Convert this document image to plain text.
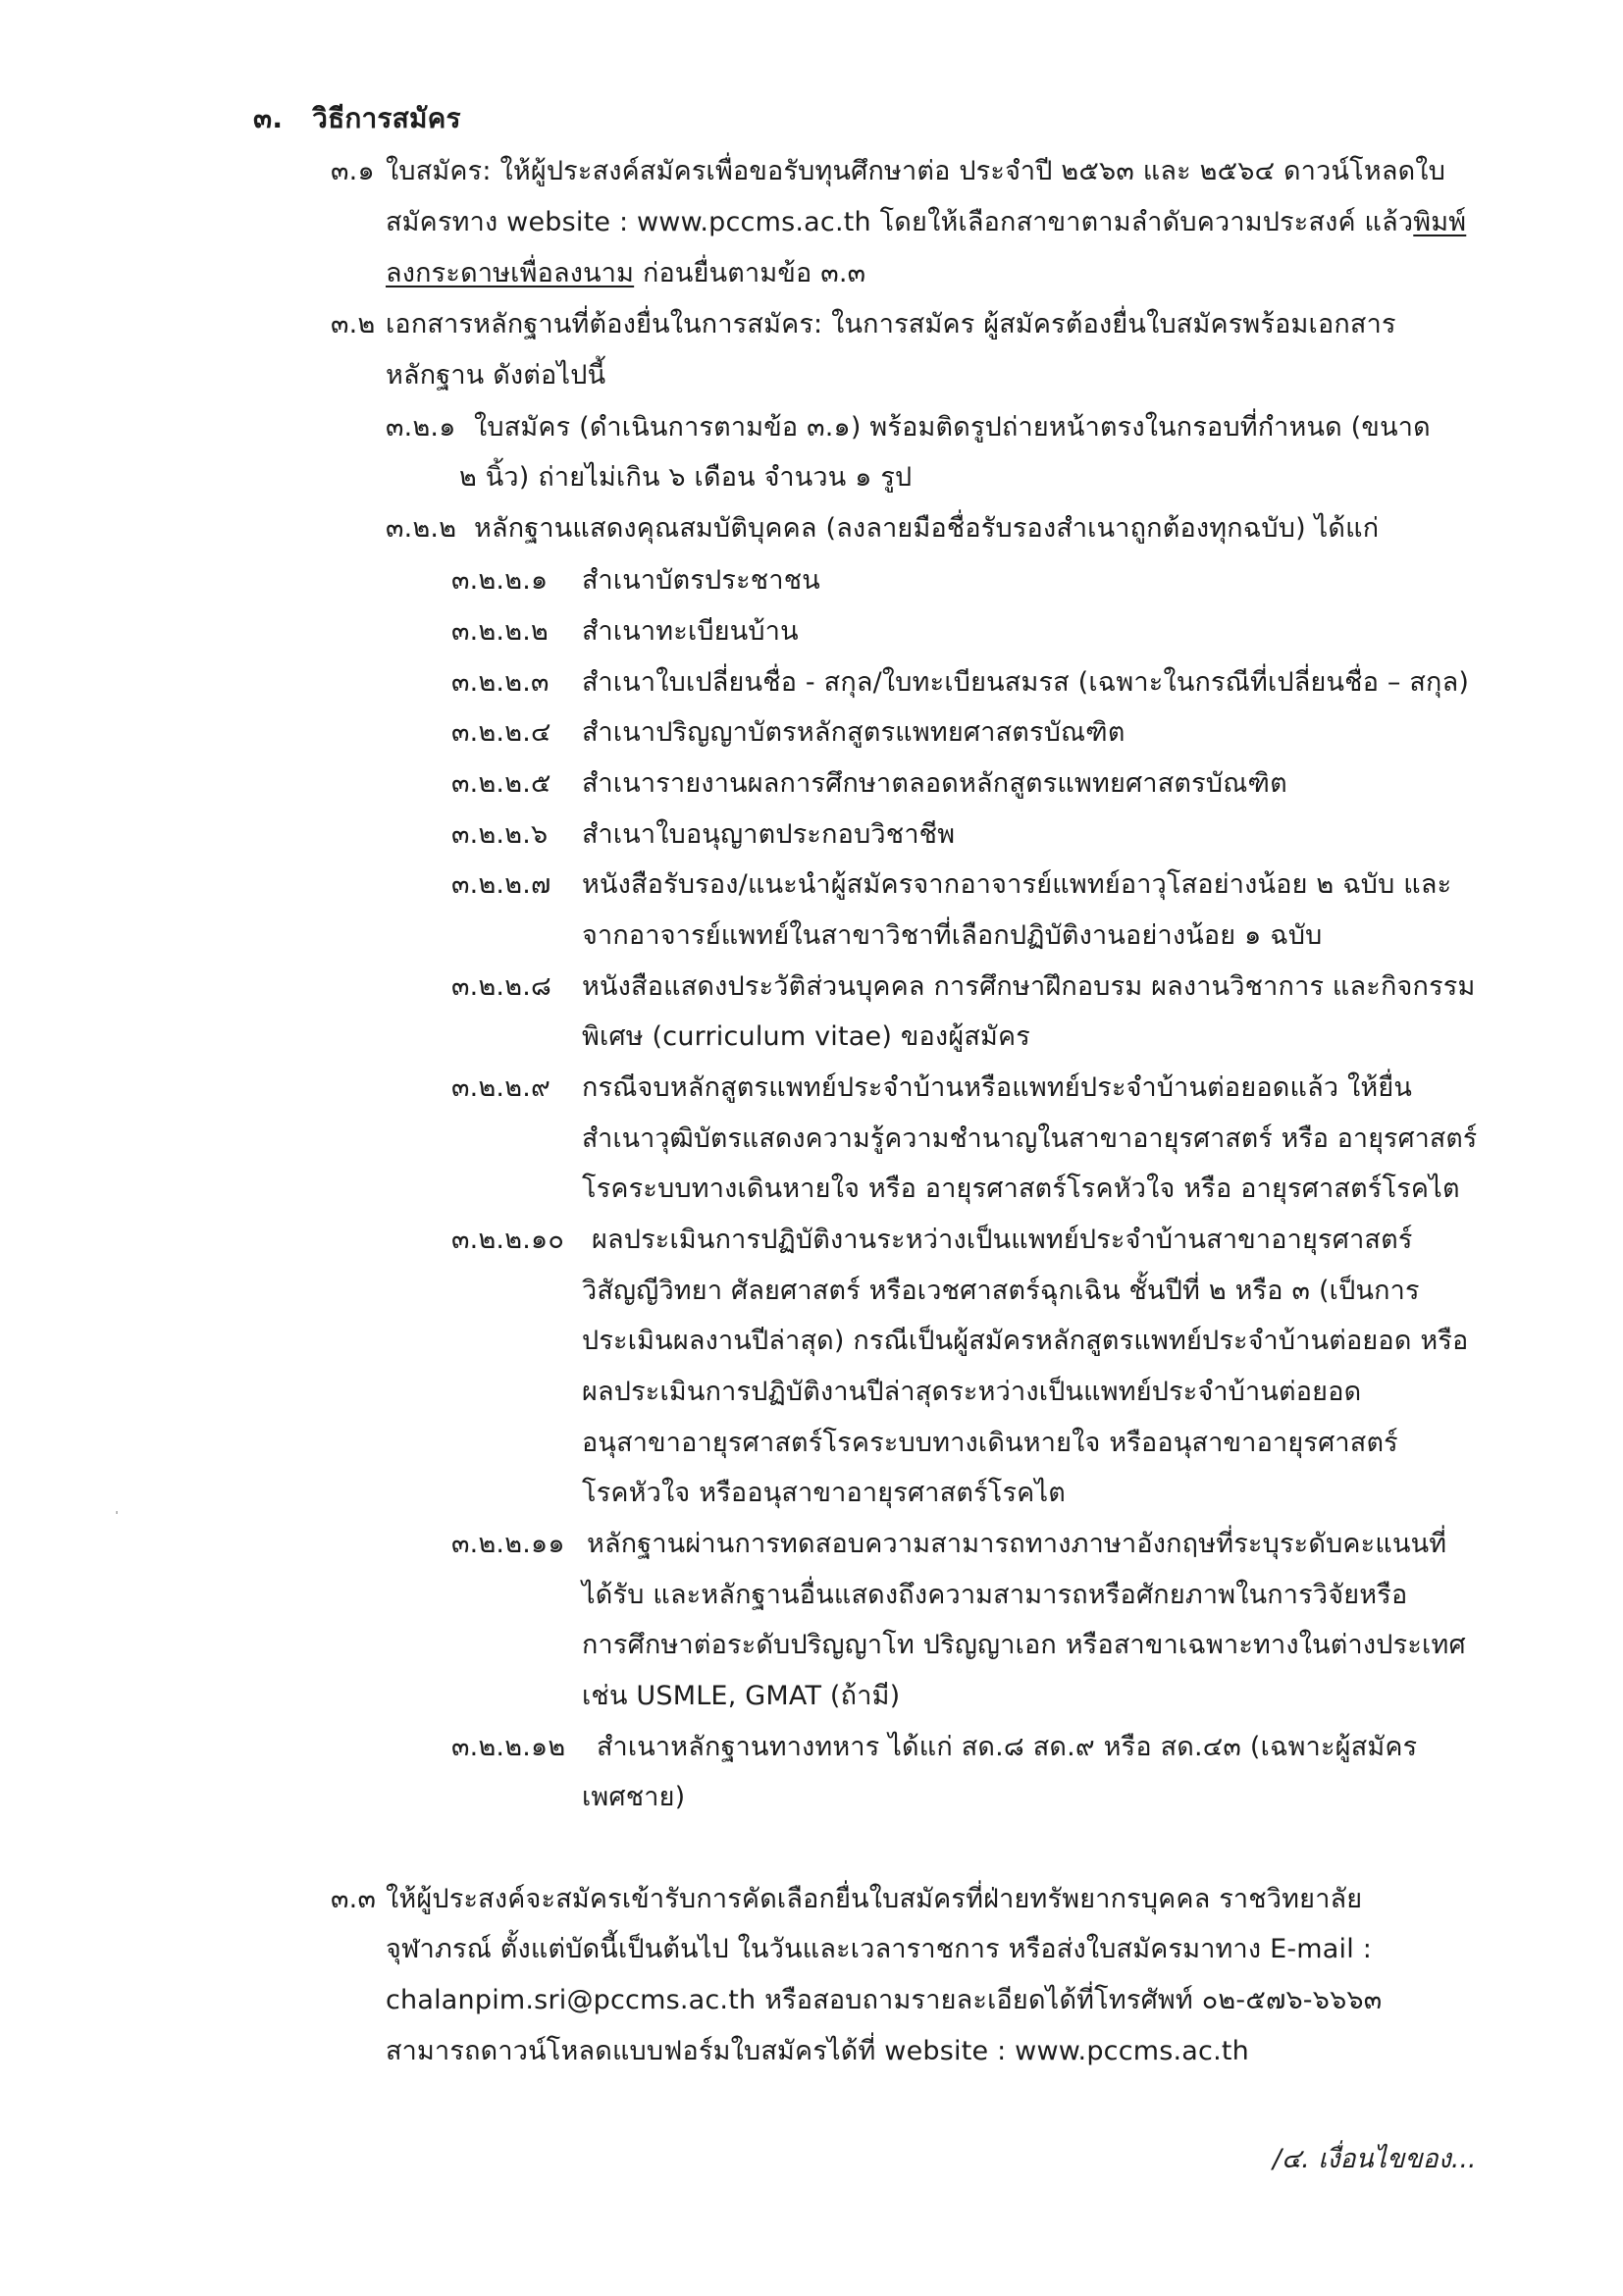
๓. วิธีการสมัคร
๓.๑ ใบสมัคร: ให้ผู้ประสงค์สมัครเพื่อขอรับทุนศึกษาต่อ ประจำปี ๒๕๖๓ และ ๒๕๖๔ ดาวน์โหลดใบ
สมัครทาง website : www.pccms.ac.th โดยให้เลือกสาขาตามลำดับความประสงค์ แล้วพิมพ์
ลงกระดาษเพื่อลงนาม ก่อนยื่นตามข้อ ๓.๓
๓.๒ เอกสารหลักฐานที่ต้องยื่นในการสมัคร: ในการสมัคร ผู้สมัครต้องยื่นใบสมัครพร้อมเอกสาร
หลักฐาน ดังต่อไปนี้
๓.๒.๑ ใบสมัคร (ดำเนินการตามข้อ ๓.๑) พร้อมติดรูปถ่ายหน้าตรงในกรอบที่กำหนด (ขนาด
๒ นิ้ว) ถ่ายไม่เกิน ๖ เดือน จำนวน ๑ รูป
๓.๒.๒ หลักฐานแสดงคุณสมบัติบุคคล (ลงลายมือชื่อรับรองสำเนาถูกต้องทุกฉบับ) ได้แก่
๓.๒.๒.๑ สำเนาบัตรประชาชน
๓.๒.๒.๒ สำเนาทะเบียนบ้าน
๓.๒.๒.๓ สำเนาใบเปลี่ยนชื่อ - สกุล/ใบทะเบียนสมรส (เฉพาะในกรณีที่เปลี่ยนชื่อ – สกุล)
๓.๒.๒.๔ สำเนาปริญญาบัตรหลักสูตรแพทยศาสตรบัณฑิต
๓.๒.๒.๕ สำเนารายงานผลการศึกษาตลอดหลักสูตรแพทยศาสตรบัณฑิต
๓.๒.๒.๖ สำเนาใบอนุญาตประกอบวิชาชีพ
๓.๒.๒.๗ หนังสือรับรอง/แนะนำผู้สมัครจากอาจารย์แพทย์อาวุโสอย่างน้อย ๒ ฉบับ และ
จากอาจารย์แพทย์ในสาขาวิชาที่เลือกปฏิบัติงานอย่างน้อย ๑ ฉบับ
๓.๒.๒.๘ หนังสือแสดงประวัติส่วนบุคคล การศึกษาฝึกอบรม ผลงานวิชาการ และกิจกรรม
พิเศษ (curriculum vitae) ของผู้สมัคร
๓.๒.๒.๙ กรณีจบหลักสูตรแพทย์ประจำบ้านหรือแพทย์ประจำบ้านต่อยอดแล้ว ให้ยื่น
สำเนาวุฒิบัตรแสดงความรู้ความชำนาญในสาขาอายุรศาสตร์ หรือ อายุรศาสตร์
โรคระบบทางเดินหายใจ หรือ อายุรศาสตร์โรคหัวใจ หรือ อายุรศาสตร์โรคไต
๓.๒.๒.๑๐ ผลประเมินการปฏิบัติงานระหว่างเป็นแพทย์ประจำบ้านสาขาอายุรศาสตร์
วิสัญญีวิทยา ศัลยศาสตร์ หรือเวชศาสตร์ฉุกเฉิน ชั้นปีที่ ๒ หรือ ๓ (เป็นการ
ประเมินผลงานปีล่าสุด) กรณีเป็นผู้สมัครหลักสูตรแพทย์ประจำบ้านต่อยอด หรือ
ผลประเมินการปฏิบัติงานปีล่าสุดระหว่างเป็นแพทย์ประจำบ้านต่อยอด
อนุสาขาอายุรศาสตร์โรคระบบทางเดินหายใจ หรืออนุสาขาอายุรศาสตร์
โรคหัวใจ หรืออนุสาขาอายุรศาสตร์โรคไต
๓.๒.๒.๑๑ หลักฐานผ่านการทดสอบความสามารถทางภาษาอังกฤษที่ระบุระดับคะแนนที่
ได้รับ และหลักฐานอื่นแสดงถึงความสามารถหรือศักยภาพในการวิจัยหรือ
การศึกษาต่อระดับปริญญาโท ปริญญาเอก หรือสาขาเฉพาะทางในต่างประเทศ
เช่น USMLE, GMAT (ถ้ามี)
๓.๒.๒.๑๒ สำเนาหลักฐานทางทหาร ได้แก่ สด.๘ สด.๙ หรือ สด.๔๓ (เฉพาะผู้สมัคร
เพศชาย)
๓.๓ ให้ผู้ประสงค์จะสมัครเข้ารับการคัดเลือกยื่นใบสมัครที่ฝ่ายทรัพยากรบุคคล ราชวิทยาลัย
จุฬาภรณ์ ตั้งแต่บัดนี้เป็นต้นไป ในวันและเวลาราชการ หรือส่งใบสมัครมาทาง E-mail :
chalanpim.sri@pccms.ac.th หรือสอบถามรายละเอียดได้ที่โทรศัพท์ ๐๒-๕๗๖-๖๖๖๓
สามารถดาวน์โหลดแบบฟอร์มใบสมัครได้ที่ website : www.pccms.ac.th
/๔. เงื่อนไขของ...
